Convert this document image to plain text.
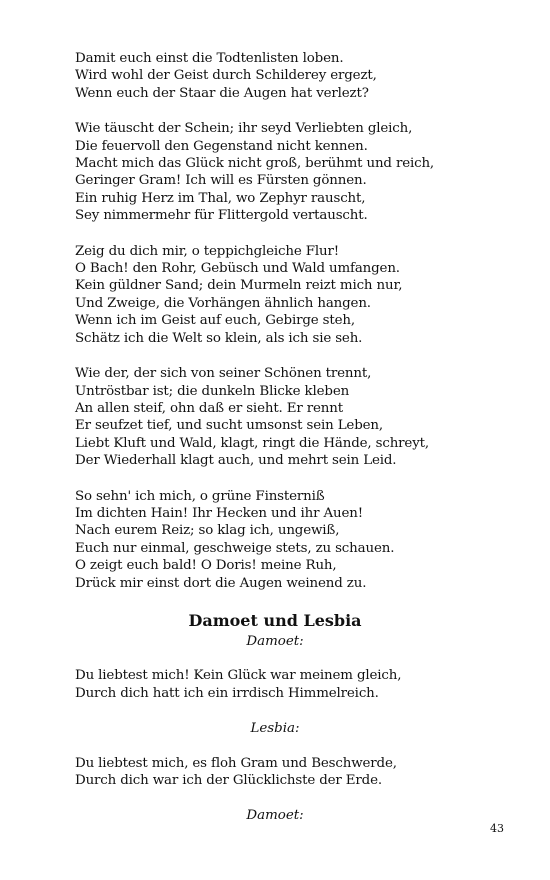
Damit euch einst die Todtenlisten loben.
Wird wohl der Geist durch Schilderey ergezt,
Wenn euch der Staar die Augen hat verlezt?
Wie täuscht der Schein; ihr seyd Verliebten gleich,
Die feuervoll den Gegenstand nicht kennen.
Macht mich das Glück nicht groß, berühmt und reich,
Geringer Gram! Ich will es Fürsten gönnen.
Ein ruhig Herz im Thal, wo Zephyr rauscht,
Sey nimmermehr für Flittergold vertauscht.
Zeig du dich mir, o teppichgleiche Flur!
O Bach! den Rohr, Gebüsch und Wald umfangen.
Kein güldner Sand; dein Murmeln reizt mich nur,
Und Zweige, die Vorhängen ähnlich hangen.
Wenn ich im Geist auf euch, Gebirge steh,
Schätz ich die Welt so klein, als ich sie seh.
Wie der, der sich von seiner Schönen trennt,
Untröstbar ist; die dunkeln Blicke kleben
An allen steif, ohn daß er sieht. Er rennt
Er seufzet tief, und sucht umsonst sein Leben,
Liebt Kluft und Wald, klagt, ringt die Hände, schreyt,
Der Wiederhall klagt auch, und mehrt sein Leid.
So sehn' ich mich, o grüne Finsterniß
Im dichten Hain! Ihr Hecken und ihr Auen!
Nach eurem Reiz; so klag ich, ungewiß,
Euch nur einmal, geschweige stets, zu schauen.
O zeigt euch bald! O Doris! meine Ruh,
Drück mir einst dort die Augen weinend zu.
Damoet und Lesbia
Damoet:
Du liebtest mich! Kein Glück war meinem gleich,
Durch dich hatt ich ein irrdisch Himmelreich.
Lesbia:
Du liebtest mich, es floh Gram und Beschwerde,
Durch dich war ich der Glücklichste der Erde.
Damoet:
43
